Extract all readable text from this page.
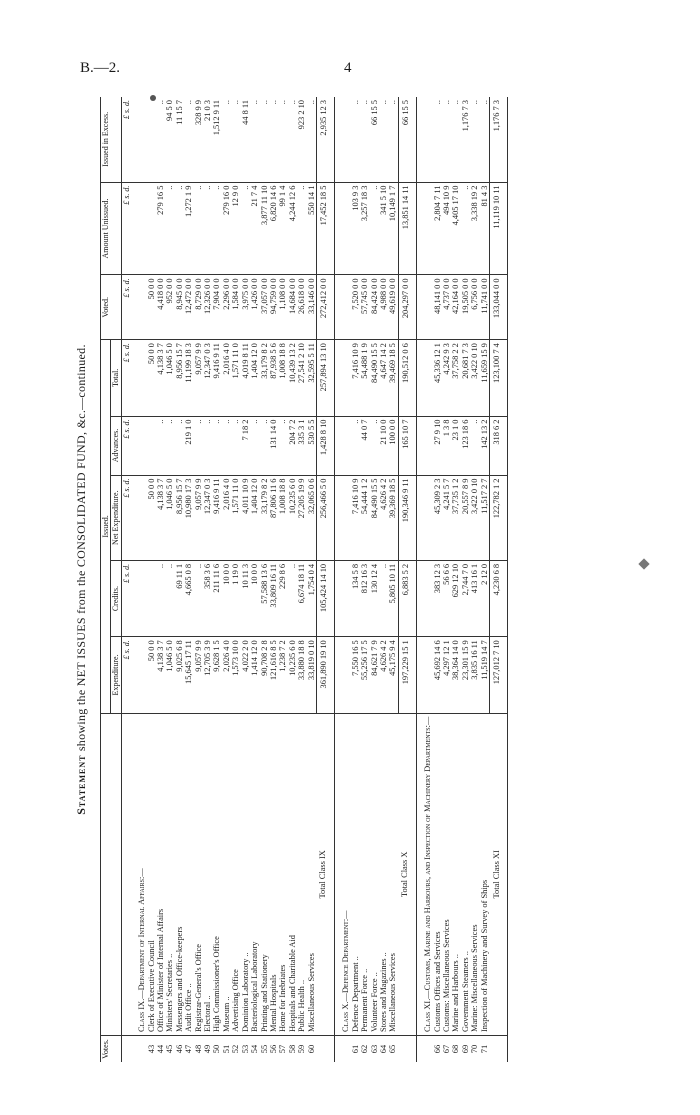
B.—2.	4
Statement showing the NET ISSUES from the CONSOLIDATED FUND, &c.—continued.
Votes.		Issued.					Voted.	Amount Unissued.	Issued in Excess.
		Expenditure.	Credits.	Net Expenditure.	Advances.	Total.			
		£ s. d.	£ s. d.	£ s. d.	£ s. d.	£ s. d.	£ s. d.	£ s. d.	£ s. d.
	Class IX.—Department of Internal Affairs:—								
43	Clerk of Executive Council	50 0 0		50 0 0		50 0 0	50 0 0		
44	Office of Minister of Internal Affairs	4,138 3 7	..	4,138 3 7	..	4,138 3 7	4,418 0 0	279 16 5	..
45	Ministers' Secretaries ..	1,046 5 0	..	1,046 5 0	..	1,046 5 0	952 0 0	..	94 5 0
46	Messengers and Office-keepers	9,025 6 8	69 11 1	8,956 15 7	..	8,956 15 7	8,945 0 0	..	11 15 7
47	Audit Office ..	15,645 17 11	4,665 0 8	10,980 17 3	219 1 0	11,199 18 3	12,472 0 0	1,272 1 9	..
48	Registrar-General's Office	9,057 9 9	..	9,057 9 9	..	9,057 9 9	8,729 0 0	..	328 9 9
49	Electoral ..	12,705 3 9	358 3 6	12,347 0 3	..	12,347 0 3	12,326 0 0	..	21 0 3
50	High Commissioner's Office	9,628 1 5	211 11 6	9,416 9 11	..	9,416 9 11	7,904 0 0	..	1,512 9 11
51	Museum ..	2,026 4 0	10 0 0	2,016 4 0	..	2,016 4 0	2,296 0 0	279 16 0	..
52	Advertising Office	1,573 10 0	1 19 0	1,571 11 0	..	1,571 11 0	1,584 0 0	12 9 0	..
53	Dominion Laboratory ..	4,022 2 0	10 11 3	4,011 10 9	7 18 2	4,019 8 11	3,975 0 0	..	44 8 11
54	Bacteriological Laboratory	1,414 12 0	10 0 0	1,404 12 0	..	1,404 12 0	1,426 0 0	21 7 4	..
55	Printing and Stationery	90,708 2 8	57,588 13 6	33,179 8 2	..	33,179 8 2	37,057 0 0	3,877 11 10	..
56	Mental Hospitals	121,616 8 5	33,809 16 11	87,806 11 6	131 14 0	87,938 5 6	94,759 0 0	6,820 14 6	..
57	Home for Inebriates	1,238 7 2	229 8 6	1,008 18 8	..	1,008 18 8	1,108 0 0	99 1 4	..
58	Hospitals and Charitable Aid	10,235 6 0	..	10,235 6 0	204 7 2	10,439 13 2	14,684 0 0	4,244 12 6	..
59	Public Health ..	33,880 18 8	6,674 18 11	27,205 19 9	335 3 1	27,541 2 10	26,618 0 0	..	923 2 10
60	Miscellaneous Services	33,819 0 10	1,754 0 4	32,065 0 6	530 5 5	32,595 5 11	33,146 0 0	550 14 1	..
	Total Class IX	361,890 19 10	105,424 14 10	256,466 5 0	1,428 8 10	257,894 13 10	272,412 0 0	17,452 18 5	2,935 12 3
	Class X.—Defence Department:—								
61	Defence Department ..	7,550 16 5	134 5 8	7,416 10 9	..	7,416 10 9	7,520 0 0	103 9 3	..
62	Permanent Force ..	55,256 17 5	812 16 3	54,444 1 2	44 0 7	54,488 1 9	57,745 0 0	3,257 18 3	..
63	Volunteer Force ..	84,621 7 9	130 12 4	84,490 15 5	..	84,490 15 5	84,424 0 0	..	66 15 5
64	Stores and Magazines ..	4,626 4 2	..	4,626 4 2	21 10 0	4,647 14 2	4,988 0 0	341 5 10	..
65	Miscellaneous Services	45,175 9 4	5,805 10 11	39,369 18 5	100 0 0	39,469 18 5	49,619 0 0	10,149 1 7	..
	Total Class X	197,229 15 1	6,883 5 2	190,346 9 11	165 10 7	190,512 0 6	204,297 0 0	13,851 14 11	66 15 5
	Class XI.—Customs, Marine and Harbours, and Inspection of Machinery Departments:—								
66	Customs Offices and Services	45,692 14 6	383 12 3	45,309 2 3	27 9 10	45,336 12 1	48,141 0 0	2,804 7 11	..
67	Customs: Miscellaneous Services	4,297 12 1	56 6 6	4,241 5 7	1 3 8	4,242 9 3	4,737 0 0	494 10 9	..
68	Marine and Harbours ..	38,364 14 0	629 12 10	37,735 1 2	23 1 0	37,758 2 2	42,164 0 0	4,405 17 10	..
69	Government Steamers ..	23,301 15 9	2,744 7 0	20,557 8 9	123 18 6	20,681 7 3	19,505 0 0	..	1,176 7 3
70	Marine: Miscellaneous Services	3,835 16 11	413 16 1	3,422 0 10	..	3,422 0 10	6,756 0 0	3,338 19 2	..
71	Inspection of Machinery and Survey of Ships	11,519 14 7	2 12 0	11,517 2 7	142 13 2	11,659 15 9	11,741 0 0	81 4 3	..
	Total Class XI	127,012 7 10	4,230 6 8	122,782 1 2	318 6 2	123,100 7 4	133,044 0 0	11,119 10 11	1,176 7 3
